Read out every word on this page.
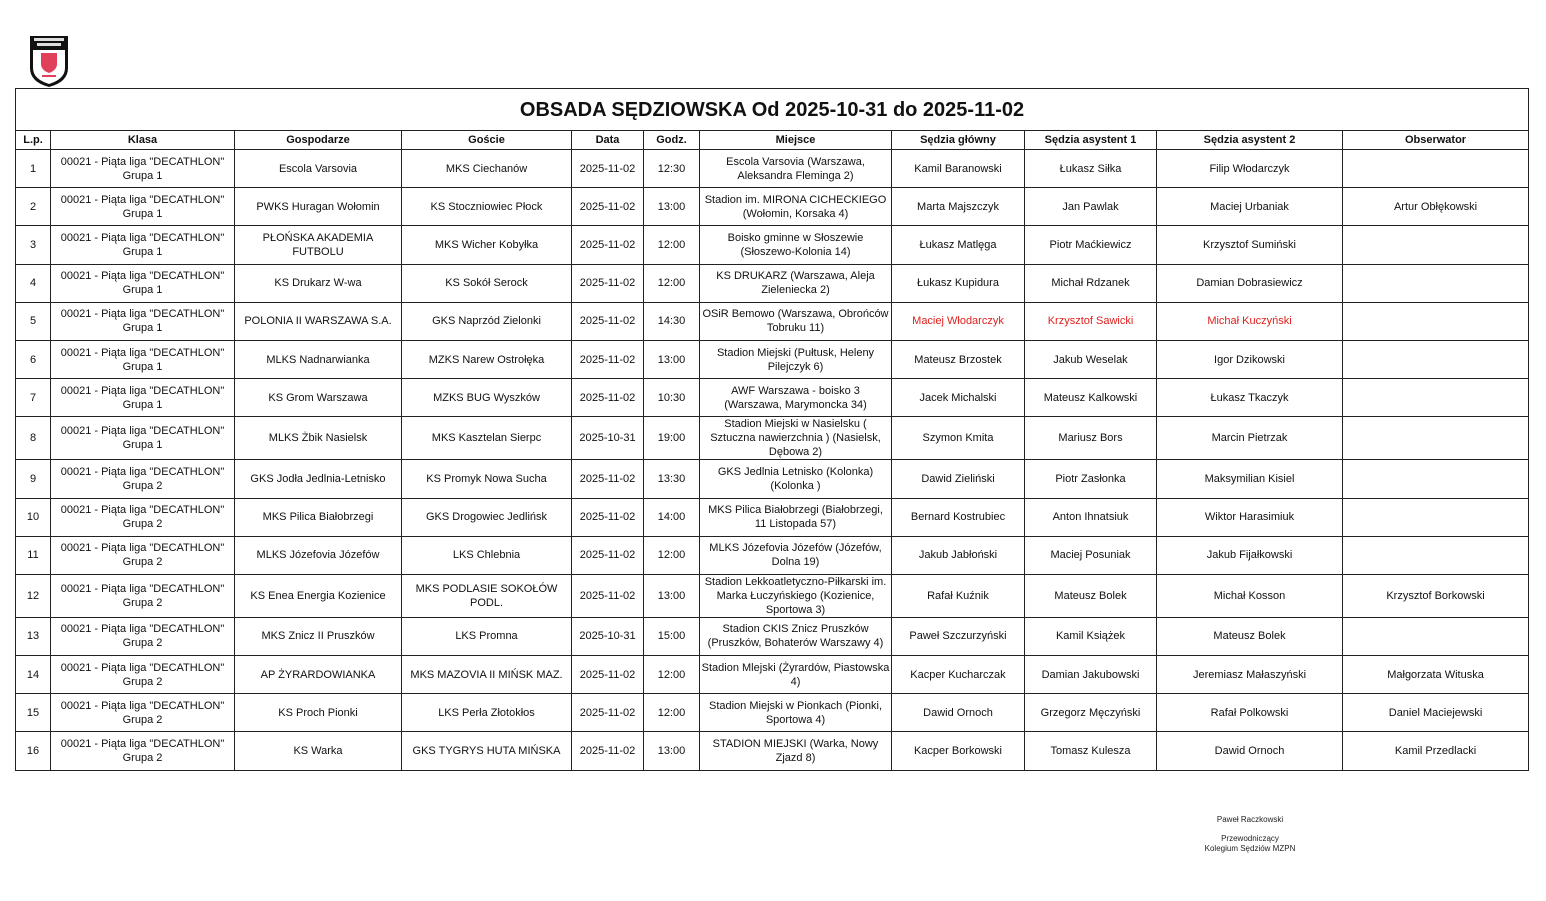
OBSADA SĘDZIOWSKA Od 2025-10-31 do 2025-11-02										
L.p.	Klasa	Gospodarze	Goście	Data	Godz.	Miejsce	Sędzia główny	Sędzia asystent 1	Sędzia asystent 2	Obserwator
1	00021 - Piąta liga "DECATHLON" Grupa 1	Escola Varsovia	MKS Ciechanów	2025-11-02	12:30	Escola Varsovia (Warszawa, Aleksandra Fleminga 2)	Kamil Baranowski	Łukasz Siłka	Filip Włodarczyk	
2	00021 - Piąta liga "DECATHLON" Grupa 1	PWKS Huragan Wołomin	KS Stoczniowiec Płock	2025-11-02	13:00	Stadion im. MIRONA CICHECKIEGO (Wołomin, Korsaka 4)	Marta Majszczyk	Jan Pawlak	Maciej Urbaniak	Artur Obłękowski
3	00021 - Piąta liga "DECATHLON" Grupa 1	PŁOŃSKA AKADEMIA FUTBOLU	MKS Wicher Kobyłka	2025-11-02	12:00	Boisko gminne w Słoszewie (Słoszewo-Kolonia 14)	Łukasz Matlęga	Piotr Maćkiewicz	Krzysztof Sumiński	
4	00021 - Piąta liga "DECATHLON" Grupa 1	KS Drukarz W-wa	KS Sokół Serock	2025-11-02	12:00	KS DRUKARZ (Warszawa, Aleja Zieleniecka 2)	Łukasz Kupidura	Michał Rdzanek	Damian Dobrasiewicz	
5	00021 - Piąta liga "DECATHLON" Grupa 1	POLONIA II WARSZAWA S.A.	GKS Naprzód Zielonki	2025-11-02	14:30	OSiR Bemowo (Warszawa, Obrońców Tobruku 11)	Maciej Włodarczyk	Krzysztof Sawicki	Michał Kuczyński	
6	00021 - Piąta liga "DECATHLON" Grupa 1	MLKS Nadnarwianka	MZKS Narew Ostrołęka	2025-11-02	13:00	Stadion Miejski (Pułtusk, Heleny Pilejczyk 6)	Mateusz Brzostek	Jakub Weselak	Igor Dzikowski	
7	00021 - Piąta liga "DECATHLON" Grupa 1	KS Grom Warszawa	MZKS BUG Wyszków	2025-11-02	10:30	AWF Warszawa - boisko 3 (Warszawa, Marymoncka 34)	Jacek Michalski	Mateusz Kalkowski	Łukasz Tkaczyk	
8	00021 - Piąta liga "DECATHLON" Grupa 1	MLKS Żbik Nasielsk	MKS Kasztelan Sierpc	2025-10-31	19:00	Stadion Miejski w Nasielsku ( Sztuczna nawierzchnia ) (Nasielsk, Dębowa 2)	Szymon Kmita	Mariusz Bors	Marcin Pietrzak	
9	00021 - Piąta liga "DECATHLON" Grupa 2	GKS Jodła Jedlnia-Letnisko	KS Promyk Nowa Sucha	2025-11-02	13:30	GKS Jedlnia Letnisko (Kolonka) (Kolonka )	Dawid Zieliński	Piotr Zasłonka	Maksymilian Kisiel	
10	00021 - Piąta liga "DECATHLON" Grupa 2	MKS Pilica Białobrzegi	GKS Drogowiec Jedlińsk	2025-11-02	14:00	MKS Pilica Białobrzegi (Białobrzegi, 11 Listopada 57)	Bernard Kostrubiec	Anton Ihnatsiuk	Wiktor Harasimiuk	
11	00021 - Piąta liga "DECATHLON" Grupa 2	MLKS Józefovia Józefów	LKS Chlebnia	2025-11-02	12:00	MLKS Józefovia Józefów (Józefów, Dolna 19)	Jakub Jabłoński	Maciej Posuniak	Jakub Fijałkowski	
12	00021 - Piąta liga "DECATHLON" Grupa 2	KS Enea Energia Kozienice	MKS PODLASIE SOKOŁÓW PODL.	2025-11-02	13:00	Stadion Lekkoatletyczno-Piłkarski im. Marka Łuczyńskiego (Kozienice, Sportowa 3)	Rafał Kuźnik	Mateusz Bolek	Michał Kosson	Krzysztof Borkowski
13	00021 - Piąta liga "DECATHLON" Grupa 2	MKS Znicz II Pruszków	LKS Promna	2025-10-31	15:00	Stadion CKIS Znicz Pruszków (Pruszków, Bohaterów Warszawy 4)	Paweł Szczurzyński	Kamil Książek	Mateusz Bolek	
14	00021 - Piąta liga "DECATHLON" Grupa 2	AP ŻYRARDOWIANKA	MKS MAZOVIA II MIŃSK MAZ.	2025-11-02	12:00	Stadion Mlejski (Żyrardów, Piastowska 4)	Kacper Kucharczak	Damian Jakubowski	Jeremiasz Małaszyński	Małgorzata Wituska
15	00021 - Piąta liga "DECATHLON" Grupa 2	KS Proch Pionki	LKS Perła Złotokłos	2025-11-02	12:00	Stadion Miejski w Pionkach (Pionki, Sportowa 4)	Dawid Ornoch	Grzegorz Męczyński	Rafał Polkowski	Daniel Maciejewski
16	00021 - Piąta liga "DECATHLON" Grupa 2	KS Warka	GKS TYGRYS HUTA MIŃSKA	2025-11-02	13:00	STADION MIEJSKI (Warka, Nowy Zjazd 8)	Kacper Borkowski	Tomasz Kulesza	Dawid Ornoch	Kamil Przedlacki
Paweł Raczkowski
Przewodniczący
Kolegium Sędziów MZPN
